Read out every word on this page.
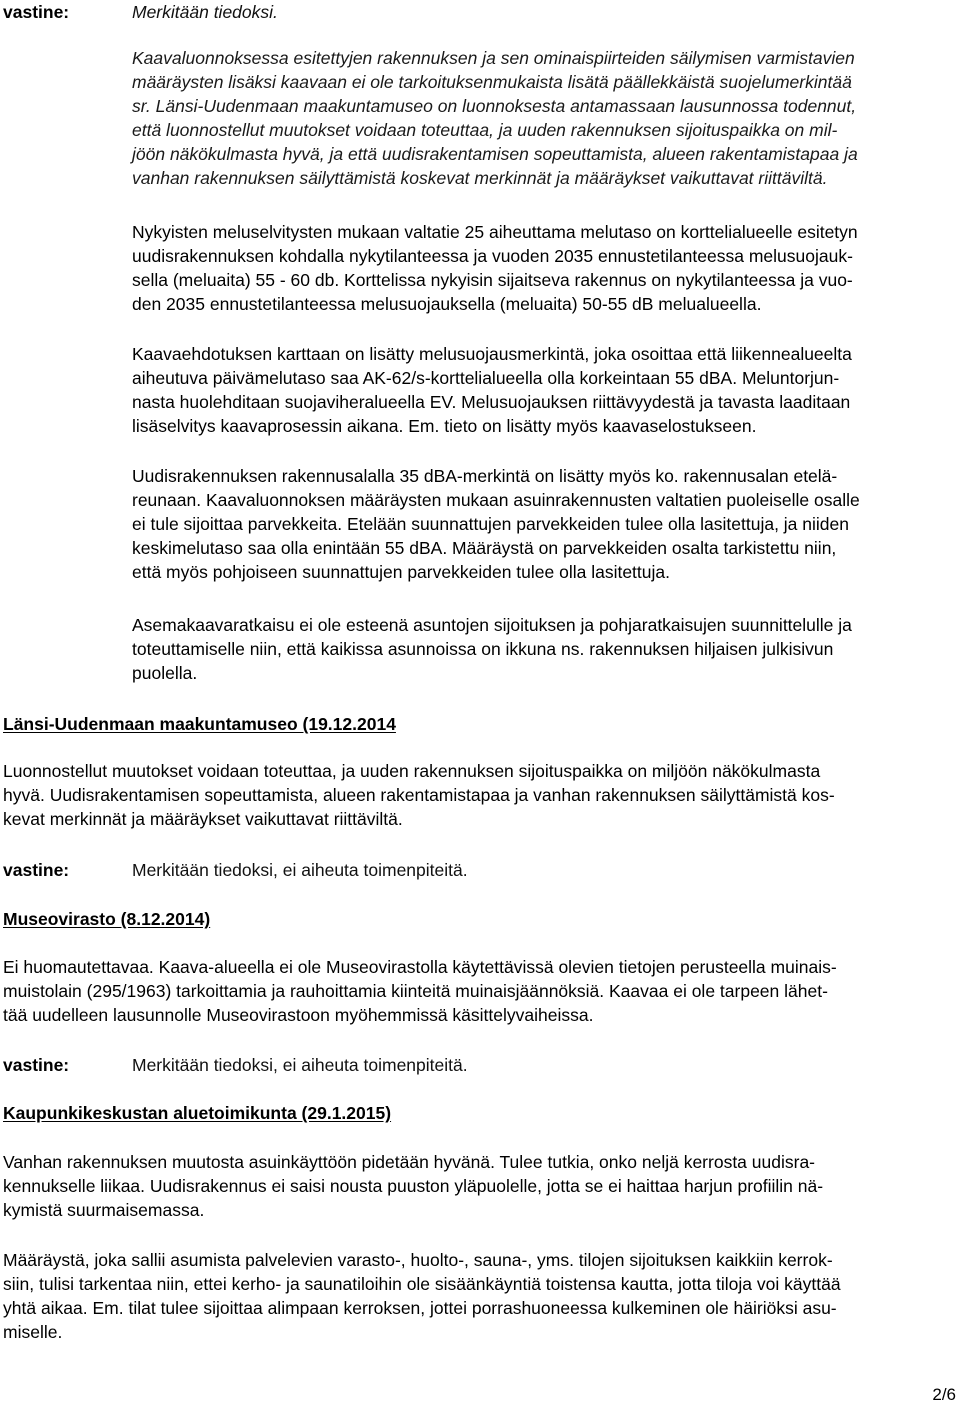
vastine:	Merkitään tiedoksi.
Kaavaluonnoksessa esitettyjen rakennuksen ja sen ominaispiirteiden säilymisen varmistavien
määräysten lisäksi kaavaan ei ole tarkoituksenmukaista lisätä päällekkäistä suojelumerkintää
sr. Länsi-Uudenmaan maakuntamuseo on luonnoksesta antamassaan lausunnossa todennut,
että luonnostellut muutokset voidaan toteuttaa, ja uuden rakennuksen sijoituspaikka on mil-
jöön näkökulmasta hyvä, ja että uudisrakentamisen sopeuttamista, alueen rakentamistapaa ja
vanhan rakennuksen säilyttämistä koskevat merkinnät ja määräykset vaikuttavat riittäviltä.
Nykyisten meluselvitysten mukaan valtatie 25 aiheuttama melutaso on korttelialueelle esitetyn
uudisrakennuksen kohdalla nykytilanteessa ja vuoden 2035 ennustetilanteessa melusuojauk-
sella (meluaita) 55 - 60 db. Korttelissa nykyisin sijaitseva rakennus on nykytilanteessa ja vuo-
den 2035 ennustetilanteessa melusuojauksella (meluaita) 50-55 dB melualueella.
Kaavaehdotuksen karttaan on lisätty melusuojausmerkintä, joka osoittaa että liikennealueelta
aiheutuva päivämelutaso saa AK-62/s-korttelialueella olla korkeintaan 55 dBA. Meluntorjun-
nasta huolehditaan suojaviheralueella EV. Melusuojauksen riittävyydestä ja tavasta laaditaan
lisäselvitys kaavaprosessin aikana. Em. tieto on lisätty myös kaavaselostukseen.
Uudisrakennuksen rakennusalalla 35 dBA-merkintä on lisätty myös ko. rakennusalan etelä-
reunaan. Kaavaluonnoksen määräysten mukaan asuinrakennusten valtatien puoleiselle osalle
ei tule sijoittaa parvekkeita. Etelään suunnattujen parvekkeiden tulee olla lasitettuja, ja niiden
keskimelutaso saa olla enintään 55 dBA. Määräystä on parvekkeiden osalta tarkistettu niin,
että myös pohjoiseen suunnattujen parvekkeiden tulee olla lasitettuja.
Asemakaavaratkaisu ei ole esteenä asuntojen sijoituksen ja pohjaratkaisujen suunnittelulle ja
toteuttamiselle niin, että kaikissa asunnoissa on ikkuna ns. rakennuksen hiljaisen julkisivun
puolella.
Länsi-Uudenmaan maakuntamuseo (19.12.2014
Luonnostellut muutokset voidaan toteuttaa, ja uuden rakennuksen sijoituspaikka on miljöön näkökulmasta
hyvä. Uudisrakentamisen sopeuttamista, alueen rakentamistapaa ja vanhan rakennuksen säilyttämistä kos-
kevat merkinnät ja määräykset vaikuttavat riittäviltä.
vastine:	Merkitään tiedoksi, ei aiheuta toimenpiteitä.
Museovirasto (8.12.2014)
Ei huomautettavaa. Kaava-alueella ei ole Museovirastolla käytettävissä olevien tietojen perusteella muinais-
muistolain (295/1963) tarkoittamia ja rauhoittamia kiinteitä muinaisjäännöksiä. Kaavaa ei ole tarpeen lähet-
tää uudelleen lausunnolle Museovirastoon myöhemmissä käsittelyvaiheissa.
vastine:	Merkitään tiedoksi, ei aiheuta toimenpiteitä.
Kaupunkikeskustan aluetoimikunta (29.1.2015)
Vanhan rakennuksen muutosta asuinkäyttöön pidetään hyvänä. Tulee tutkia, onko neljä kerrosta uudisra-
kennukselle liikaa. Uudisrakennus ei saisi nousta puuston yläpuolelle, jotta se ei haittaa harjun profiilin nä-
kymistä suurmaisemassa.
Määräystä, joka sallii asumista palvelevien varasto-, huolto-, sauna-, yms. tilojen sijoituksen kaikkiin kerrok-
siin, tulisi tarkentaa niin, ettei kerho- ja saunatiloihin ole sisäänkäyntiä toistensa kautta, jotta tiloja voi käyttää
yhtä aikaa. Em. tilat tulee sijoittaa alimpaan kerroksen, jottei porrashuoneessa kulkeminen ole häiriöksi asu-
miselle.
2/6
